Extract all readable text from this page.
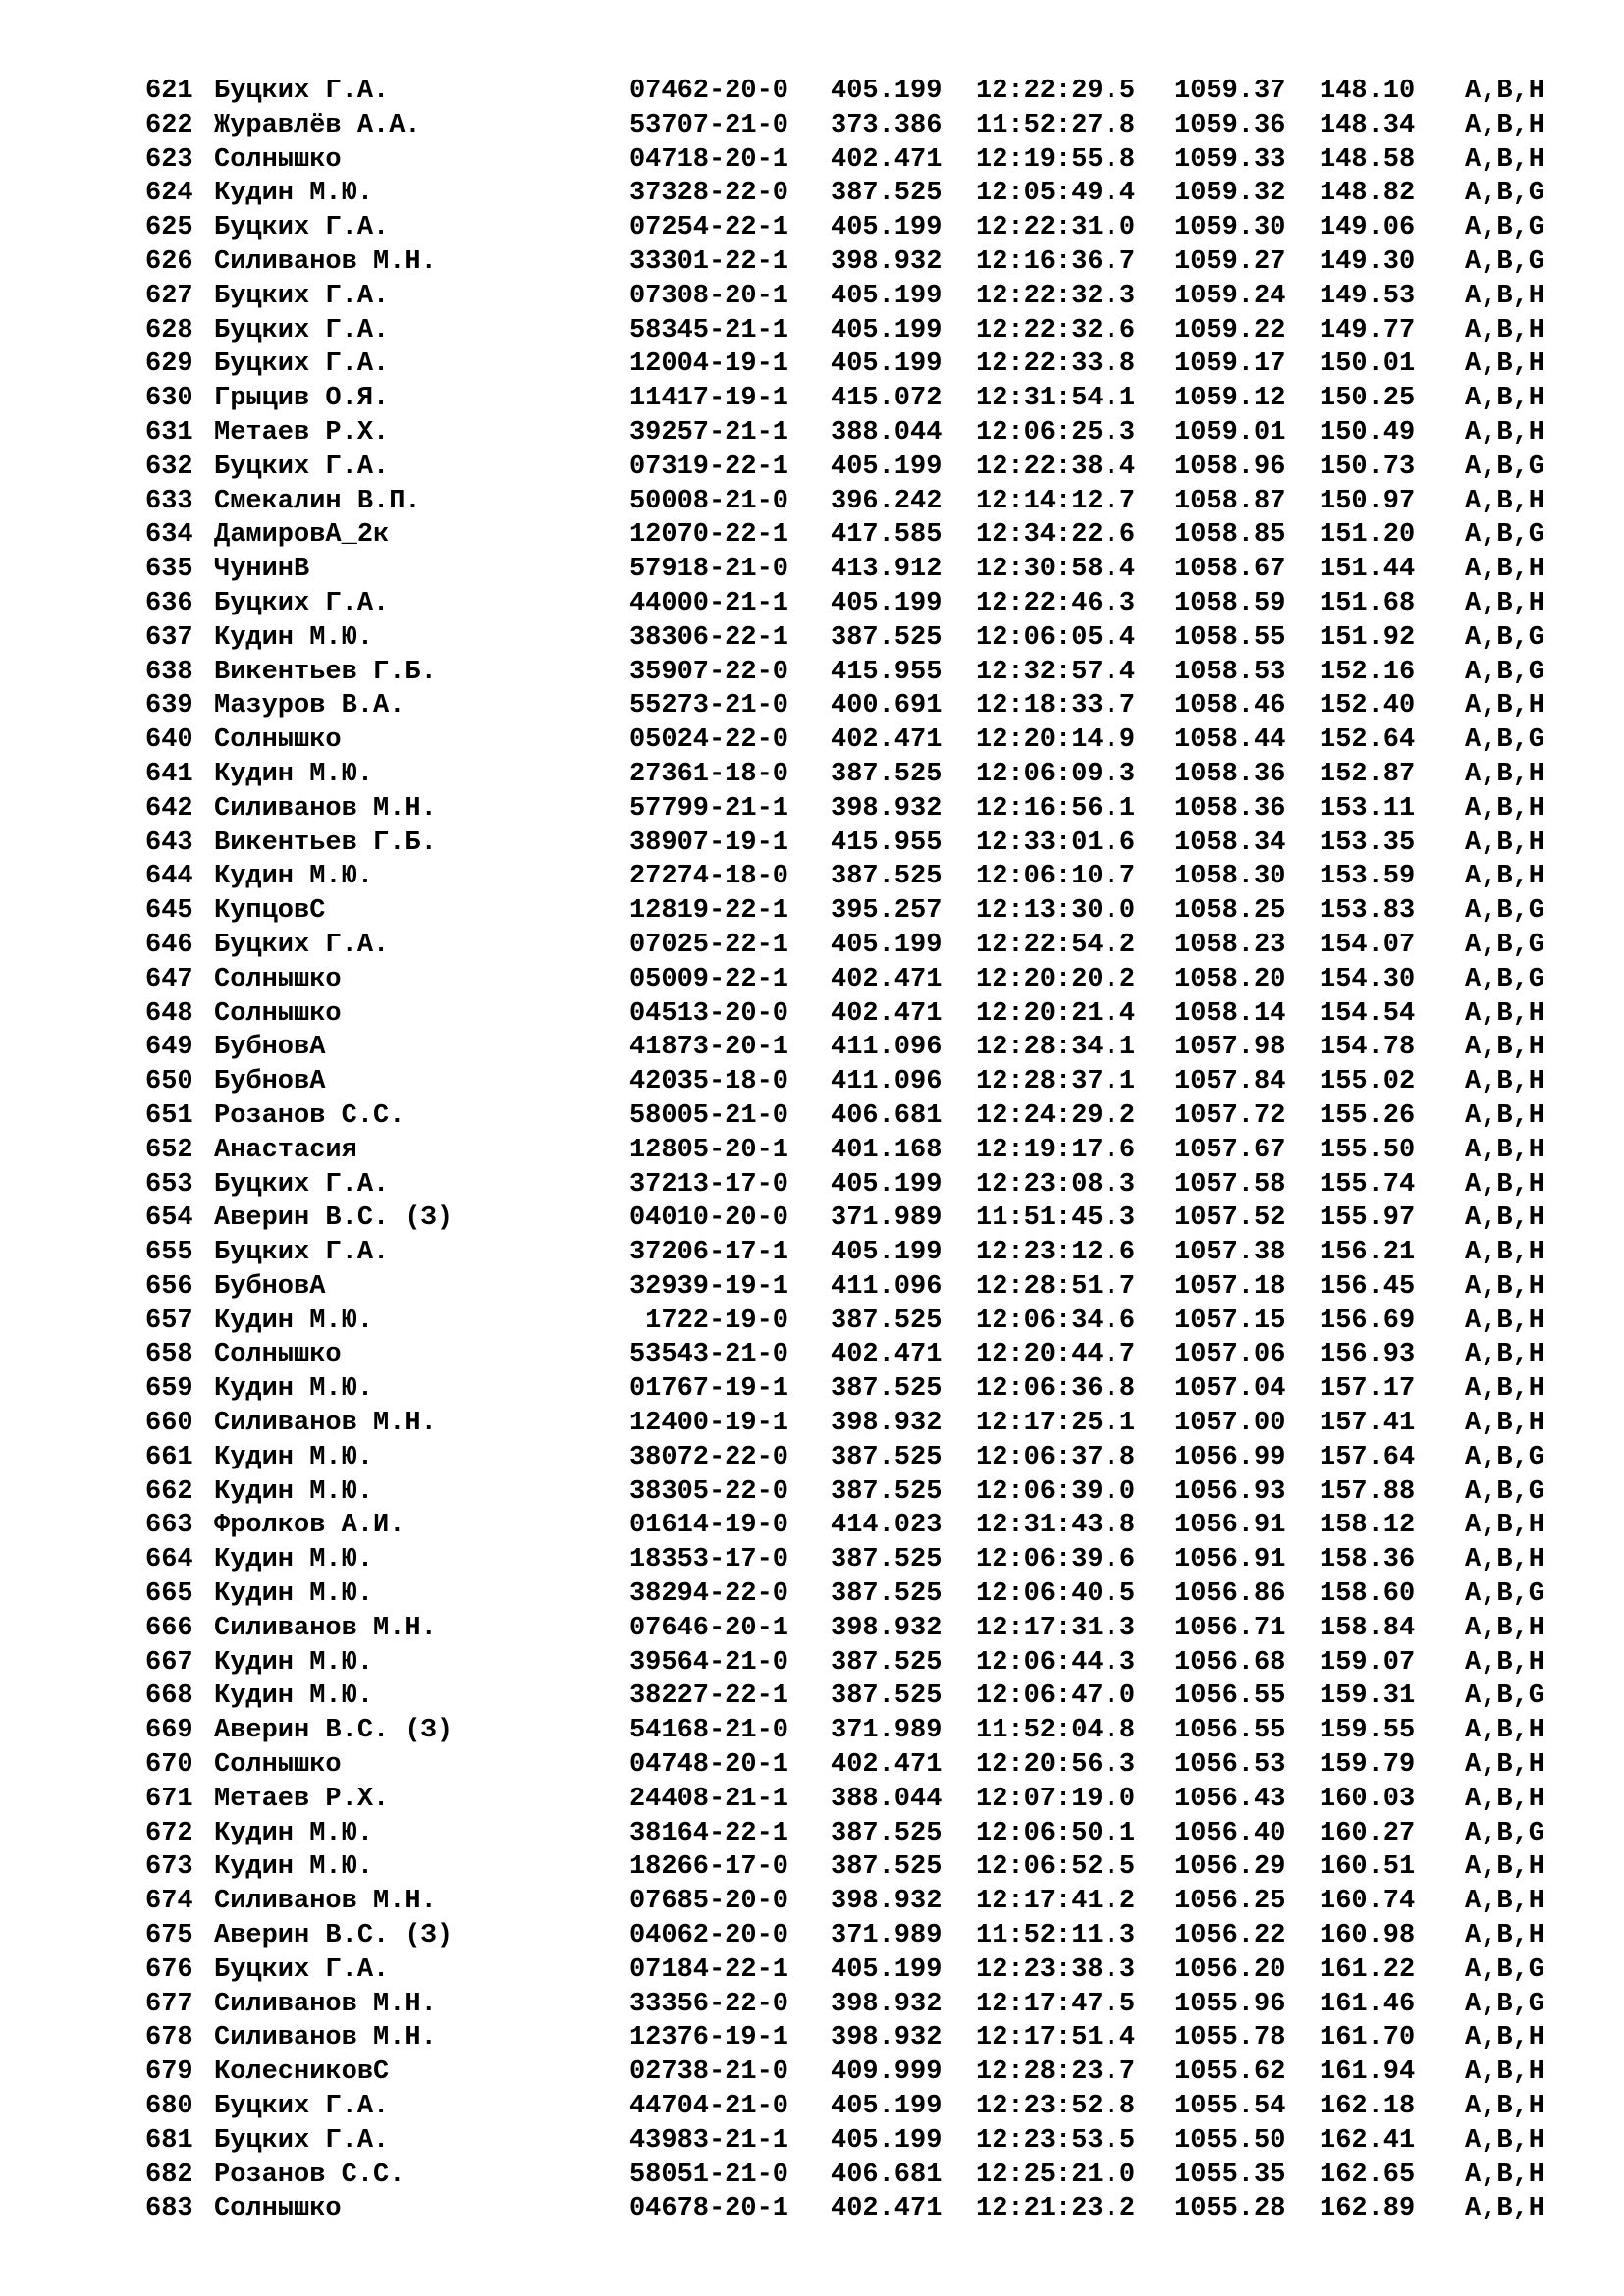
621 Буцких Г.А.	07462-20-0 405.199 12:22:29.5 1059.37 148.10 A,B,H
622 Журавлёв А.А.	53707-21-0 373.386 11:52:27.8 1059.36 148.34 A,B,H
623 Солнышко	04718-20-1 402.471 12:19:55.8 1059.33 148.58 A,B,H
624 Кудин М.Ю.	37328-22-0 387.525 12:05:49.4 1059.32 148.82 A,B,G
625 Буцких Г.А.	07254-22-1 405.199 12:22:31.0 1059.30 149.06 A,B,G
626 Силиванов М.Н.	33301-22-1 398.932 12:16:36.7 1059.27 149.30 A,B,G
627 Буцких Г.А.	07308-20-1 405.199 12:22:32.3 1059.24 149.53 A,B,H
628 Буцких Г.А.	58345-21-1 405.199 12:22:32.6 1059.22 149.77 A,B,H
629 Буцких Г.А.	12004-19-1 405.199 12:22:33.8 1059.17 150.01 A,B,H
630 Грыцив О.Я.	11417-19-1 415.072 12:31:54.1 1059.12 150.25 A,B,H
631 Метаев Р.Х.	39257-21-1 388.044 12:06:25.3 1059.01 150.49 A,B,H
632 Буцких Г.А.	07319-22-1 405.199 12:22:38.4 1058.96 150.73 A,B,G
633 Смекалин В.П.	50008-21-0 396.242 12:14:12.7 1058.87 150.97 A,B,H
634 ДамировА_2к	12070-22-1 417.585 12:34:22.6 1058.85 151.20 A,B,G
635 ЧунинВ	57918-21-0 413.912 12:30:58.4 1058.67 151.44 A,B,H
636 Буцких Г.А.	44000-21-1 405.199 12:22:46.3 1058.59 151.68 A,B,H
637 Кудин М.Ю.	38306-22-1 387.525 12:06:05.4 1058.55 151.92 A,B,G
638 Викентьев Г.Б.	35907-22-0 415.955 12:32:57.4 1058.53 152.16 A,B,G
639 Мазуров В.А.	55273-21-0 400.691 12:18:33.7 1058.46 152.40 A,B,H
640 Солнышко	05024-22-0 402.471 12:20:14.9 1058.44 152.64 A,B,G
641 Кудин М.Ю.	27361-18-0 387.525 12:06:09.3 1058.36 152.87 A,B,H
642 Силиванов М.Н.	57799-21-1 398.932 12:16:56.1 1058.36 153.11 A,B,H
643 Викентьев Г.Б.	38907-19-1 415.955 12:33:01.6 1058.34 153.35 A,B,H
644 Кудин М.Ю.	27274-18-0 387.525 12:06:10.7 1058.30 153.59 A,B,H
645 КупцовС	12819-22-1 395.257 12:13:30.0 1058.25 153.83 A,B,G
646 Буцких Г.А.	07025-22-1 405.199 12:22:54.2 1058.23 154.07 A,B,G
647 Солнышко	05009-22-1 402.471 12:20:20.2 1058.20 154.30 A,B,G
648 Солнышко	04513-20-0 402.471 12:20:21.4 1058.14 154.54 A,B,H
649 БубновА	41873-20-1 411.096 12:28:34.1 1057.98 154.78 A,B,H
650 БубновА	42035-18-0 411.096 12:28:37.1 1057.84 155.02 A,B,H
651 Розанов С.С.	58005-21-0 406.681 12:24:29.2 1057.72 155.26 A,B,H
652 Анастасия	12805-20-1 401.168 12:19:17.6 1057.67 155.50 A,B,H
653 Буцких Г.А.	37213-17-0 405.199 12:23:08.3 1057.58 155.74 A,B,H
654 Аверин В.С. (З)	04010-20-0 371.989 11:51:45.3 1057.52 155.97 A,B,H
655 Буцких Г.А.	37206-17-1 405.199 12:23:12.6 1057.38 156.21 A,B,H
656 БубновА	32939-19-1 411.096 12:28:51.7 1057.18 156.45 A,B,H
657 Кудин М.Ю.	1722-19-0 387.525 12:06:34.6 1057.15 156.69 A,B,H
658 Солнышко	53543-21-0 402.471 12:20:44.7 1057.06 156.93 A,B,H
659 Кудин М.Ю.	01767-19-1 387.525 12:06:36.8 1057.04 157.17 A,B,H
660 Силиванов М.Н.	12400-19-1 398.932 12:17:25.1 1057.00 157.41 A,B,H
661 Кудин М.Ю.	38072-22-0 387.525 12:06:37.8 1056.99 157.64 A,B,G
662 Кудин М.Ю.	38305-22-0 387.525 12:06:39.0 1056.93 157.88 A,B,G
663 Фролков А.И.	01614-19-0 414.023 12:31:43.8 1056.91 158.12 A,B,H
664 Кудин М.Ю.	18353-17-0 387.525 12:06:39.6 1056.91 158.36 A,B,H
665 Кудин М.Ю.	38294-22-0 387.525 12:06:40.5 1056.86 158.60 A,B,G
666 Силиванов М.Н.	07646-20-1 398.932 12:17:31.3 1056.71 158.84 A,B,H
667 Кудин М.Ю.	39564-21-0 387.525 12:06:44.3 1056.68 159.07 A,B,H
668 Кудин М.Ю.	38227-22-1 387.525 12:06:47.0 1056.55 159.31 A,B,G
669 Аверин В.С. (З)	54168-21-0 371.989 11:52:04.8 1056.55 159.55 A,B,H
670 Солнышко	04748-20-1 402.471 12:20:56.3 1056.53 159.79 A,B,H
671 Метаев Р.Х.	24408-21-1 388.044 12:07:19.0 1056.43 160.03 A,B,H
672 Кудин М.Ю.	38164-22-1 387.525 12:06:50.1 1056.40 160.27 A,B,G
673 Кудин М.Ю.	18266-17-0 387.525 12:06:52.5 1056.29 160.51 A,B,H
674 Силиванов М.Н.	07685-20-0 398.932 12:17:41.2 1056.25 160.74 A,B,H
675 Аверин В.С. (З)	04062-20-0 371.989 11:52:11.3 1056.22 160.98 A,B,H
676 Буцких Г.А.	07184-22-1 405.199 12:23:38.3 1056.20 161.22 A,B,G
677 Силиванов М.Н.	33356-22-0 398.932 12:17:47.5 1055.96 161.46 A,B,G
678 Силиванов М.Н.	12376-19-1 398.932 12:17:51.4 1055.78 161.70 A,B,H
679 КолесниковС	02738-21-0 409.999 12:28:23.7 1055.62 161.94 A,B,H
680 Буцких Г.А.	44704-21-0 405.199 12:23:52.8 1055.54 162.18 A,B,H
681 Буцких Г.А.	43983-21-1 405.199 12:23:53.5 1055.50 162.41 A,B,H
682 Розанов С.С.	58051-21-0 406.681 12:25:21.0 1055.35 162.65 A,B,H
683 Солнышко	04678-20-1 402.471 12:21:23.2 1055.28 162.89 A,B,H
